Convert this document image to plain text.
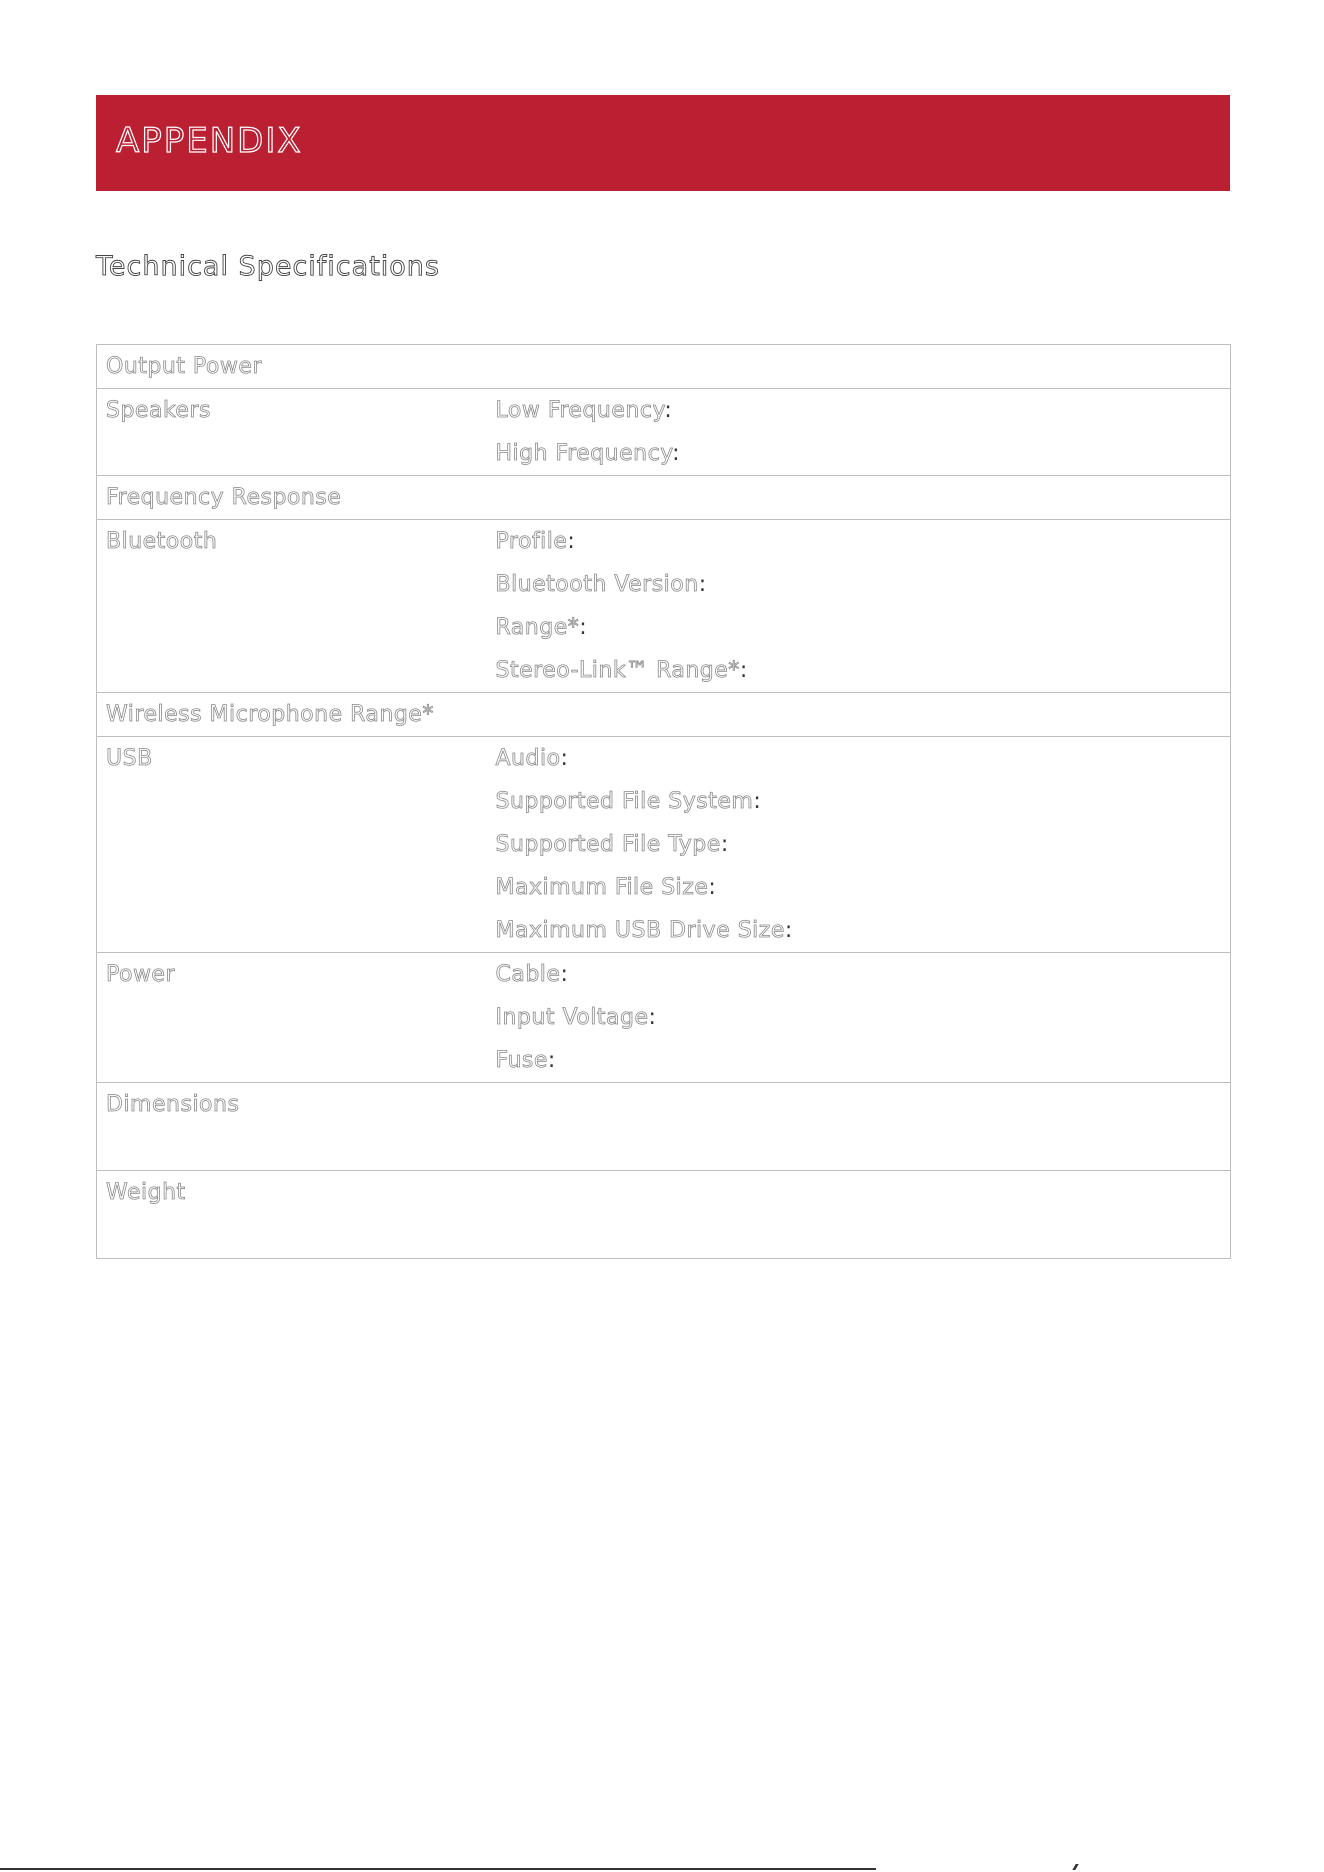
APPENDIX
Technical Specifications
Output Power	

Speakers	Low Frequency:
High Frequency:

Frequency Response	

Bluetooth	Profile:
Bluetooth Version:
Range*:
Stereo-Link™ Range*:

Wireless Microphone Range*	

USB	Audio:
Supported File System:
Supported File Type:
Maximum File Size:
Maximum USB Drive Size:

Power	Cable:
Input Voltage:
Fuse:

Dimensions	

Weight	
